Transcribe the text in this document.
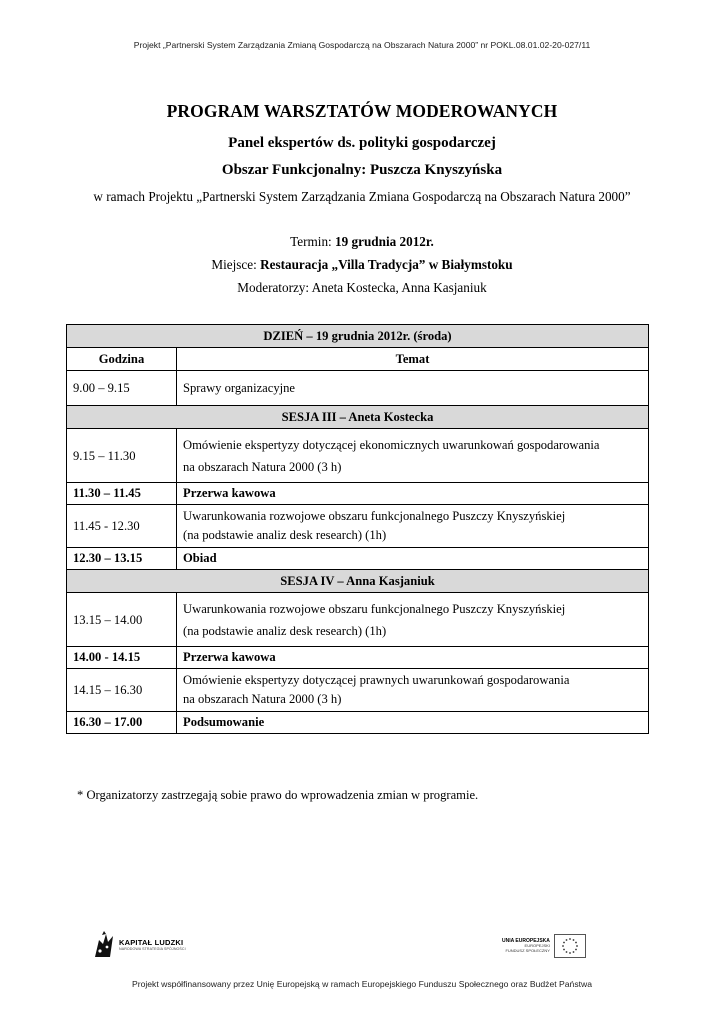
Projekt „Partnerski System Zarządzania Zmianą Gospodarczą na Obszarach Natura 2000” nr POKL.08.01.02-20-027/11
PROGRAM WARSZTATÓW MODEROWANYCH
Panel ekspertów ds. polityki gospodarczej
Obszar Funkcjonalny: Puszcza Knyszyńska
w ramach Projektu „Partnerski System Zarządzania Zmiana Gospodarczą na Obszarach Natura 2000”
Termin: 19 grudnia 2012r.
Miejsce: Restauracja „Villa Tradycja” w Białymstoku
Moderatorzy: Aneta Kostecka, Anna Kasjaniuk
DZIEŃ – 19 grudnia 2012r. (środa)	
Godzina	Temat
9.00 – 9.15	Sprawy organizacyjne
SESJA III – Aneta Kostecka	
9.15 – 11.30	Omówienie ekspertyzy dotyczącej ekonomicznych uwarunkowań gospodarowania
na obszarach Natura 2000 (3 h)

11.30 – 11.45	Przerwa kawowa
11.45 - 12.30	Uwarunkowania rozwojowe obszaru funkcjonalnego Puszczy Knyszyńskiej
(na podstawie analiz desk research) (1h)

12.30 – 13.15	Obiad
SESJA IV – Anna Kasjaniuk	
13.15 – 14.00	Uwarunkowania rozwojowe obszaru funkcjonalnego Puszczy Knyszyńskiej
(na podstawie analiz desk research) (1h)

14.00 - 14.15	Przerwa kawowa
14.15 – 16.30	Omówienie ekspertyzy dotyczącej prawnych uwarunkowań gospodarowania
na obszarach Natura 2000 (3 h)

16.30 – 17.00	Podsumowanie
* Organizatorzy zastrzegają sobie prawo do wprowadzenia zmian w programie.
KAPITAŁ LUDZKI
NARODOWA STRATEGIA SPÓJNOŚCI
UNIA EUROPEJSKA
EUROPEJSKI
FUNDUSZ SPOŁECZNY
Projekt współfinansowany przez Unię Europejską w ramach Europejskiego Funduszu Społecznego oraz Budżet Państwa
